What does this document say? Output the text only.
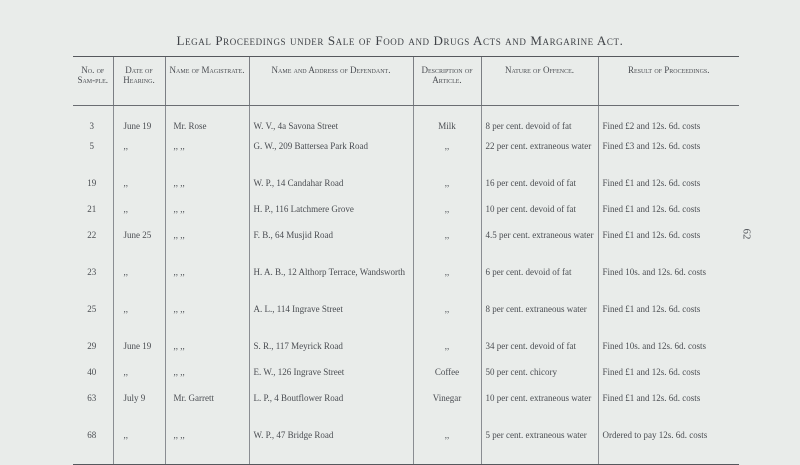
Legal Proceedings under Sale of Food and Drugs Acts and Margarine Act.
No. of Sam-ple.	Date of Hearing.	Name of Magistrate.	Name and Address of Defendant.	Description of Article.	Nature of Offence.	Result of Proceedings.
3	June 19	Mr. Rose	W. V., 4a Savona Street	Milk	8 per cent. devoid of fat	Fined £2 and 12s. 6d. costs
5	,,	,, ,,	G. W., 209 Battersea Park Road	,,	22 per cent. extraneous water	Fined £3 and 12s. 6d. costs
19	,,	,, ,,	W. P., 14 Candahar Road	,,	16 per cent. devoid of fat	Fined £1 and 12s. 6d. costs
21	,,	,, ,,	H. P., 116 Latchmere Grove	,,	10 per cent. devoid of fat	Fined £1 and 12s. 6d. costs
22	June 25	,, ,,	F. B., 64 Musjid Road	,,	4.5 per cent. extraneous water	Fined £1 and 12s. 6d. costs
23	,,	,, ,,	H. A. B., 12 Althorp Terrace, Wandsworth	,,	6 per cent. devoid of fat	Fined 10s. and 12s. 6d. costs
25	,,	,, ,,	A. L., 114 Ingrave Street	,,	8 per cent. extraneous water	Fined £1 and 12s. 6d. costs
29	June 19	,, ,,	S. R., 117 Meyrick Road	,,	34 per cent. devoid of fat	Fined 10s. and 12s. 6d. costs
40	,,	,, ,,	E. W., 126 Ingrave Street	Coffee	50 per cent. chicory	Fined £1 and 12s. 6d. costs
63	July 9	Mr. Garrett	L. P., 4 Boutflower Road	Vinegar	10 per cent. extraneous water	Fined £1 and 12s. 6d. costs
68	,,	,, ,,	W. P., 47 Bridge Road	,,	5 per cent. extraneous water	Ordered to pay 12s. 6d. costs
62
